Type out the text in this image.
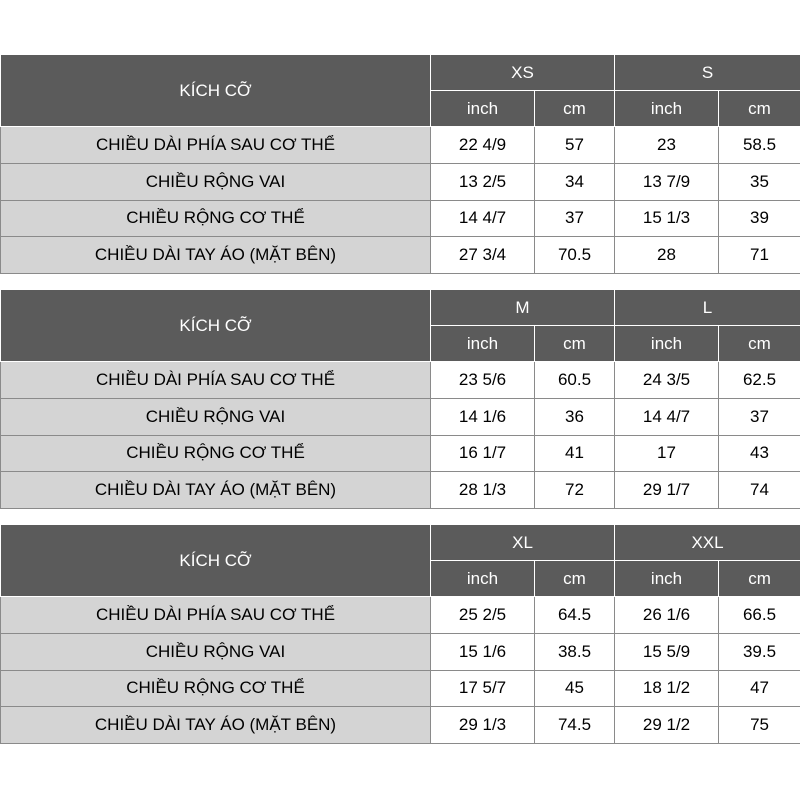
KÍCH CỠ	XS		S	
	inch	cm	inch	cm
CHIỀU DÀI PHÍA SAU CƠ THỂ	22 4/9	57	23	58.5
CHIỀU RỘNG VAI	13 2/5	34	13 7/9	35
CHIỀU RỘNG CƠ THỂ	14 4/7	37	15 1/3	39
CHIỀU DÀI TAY ÁO (MẶT BÊN)	27 3/4	70.5	28	71
KÍCH CỠ	M		L	
	inch	cm	inch	cm
CHIỀU DÀI PHÍA SAU CƠ THỂ	23 5/6	60.5	24 3/5	62.5
CHIỀU RỘNG VAI	14 1/6	36	14 4/7	37
CHIỀU RỘNG CƠ THỂ	16 1/7	41	17	43
CHIỀU DÀI TAY ÁO (MẶT BÊN)	28 1/3	72	29 1/7	74
KÍCH CỠ	XL		XXL	
	inch	cm	inch	cm
CHIỀU DÀI PHÍA SAU CƠ THỂ	25 2/5	64.5	26 1/6	66.5
CHIỀU RỘNG VAI	15 1/6	38.5	15 5/9	39.5
CHIỀU RỘNG CƠ THỂ	17 5/7	45	18 1/2	47
CHIỀU DÀI TAY ÁO (MẶT BÊN)	29 1/3	74.5	29 1/2	75
